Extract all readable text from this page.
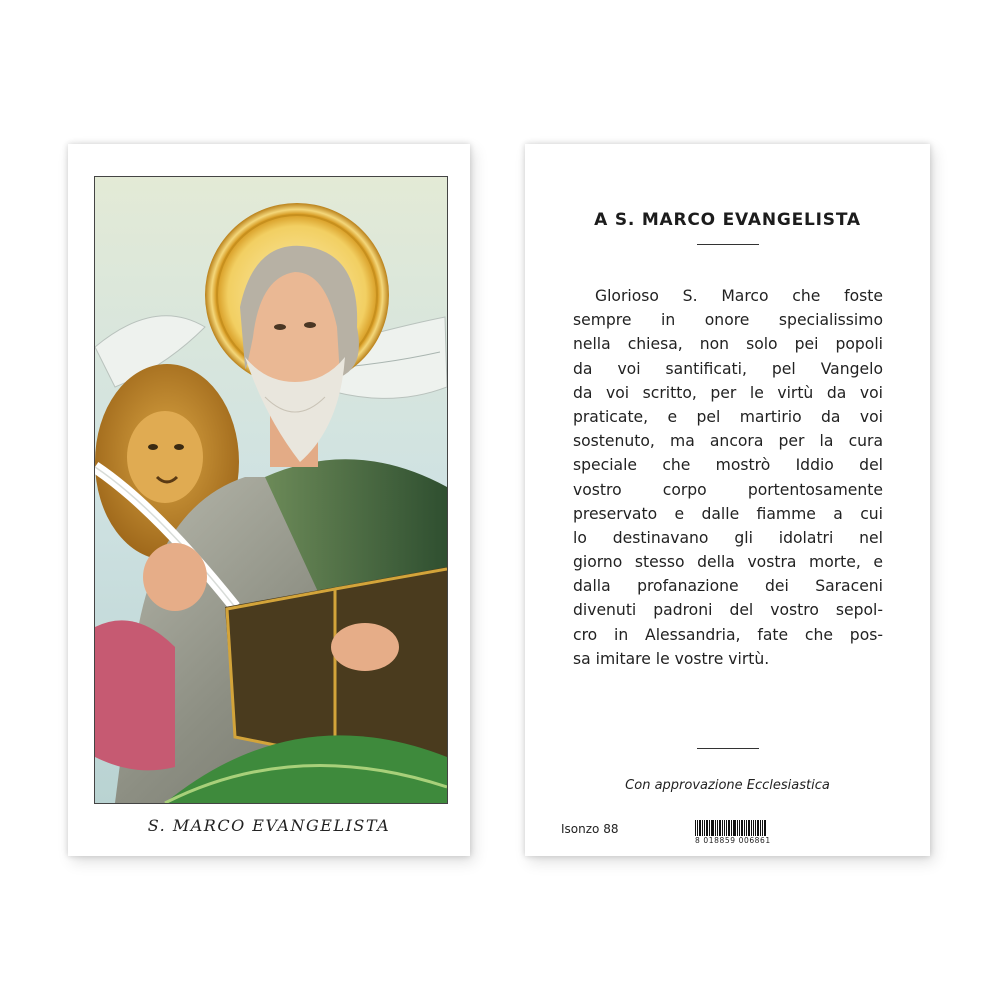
S. MARCO EVANGELISTA
A S. MARCO EVANGELISTA
Glorioso S. Marco che foste
sempre in onore specialissimo
nella chiesa, non solo pei popoli
da voi santificati, pel Vangelo
da voi scritto, per le virtù da voi
praticate, e pel martirio da voi
sostenuto, ma ancora per la cura
speciale che mostrò Iddio del
vostro corpo portentosamente
preservato e dalle fiamme a cui
lo destinavano gli idolatri nel
giorno stesso della vostra morte, e
dalla profanazione dei Saraceni
divenuti padroni del vostro sepol-
cro in Alessandria, fate che pos-
sa imitare le vostre virtù.
Con approvazione Ecclesiastica
Isonzo 88
8 018859 006861
